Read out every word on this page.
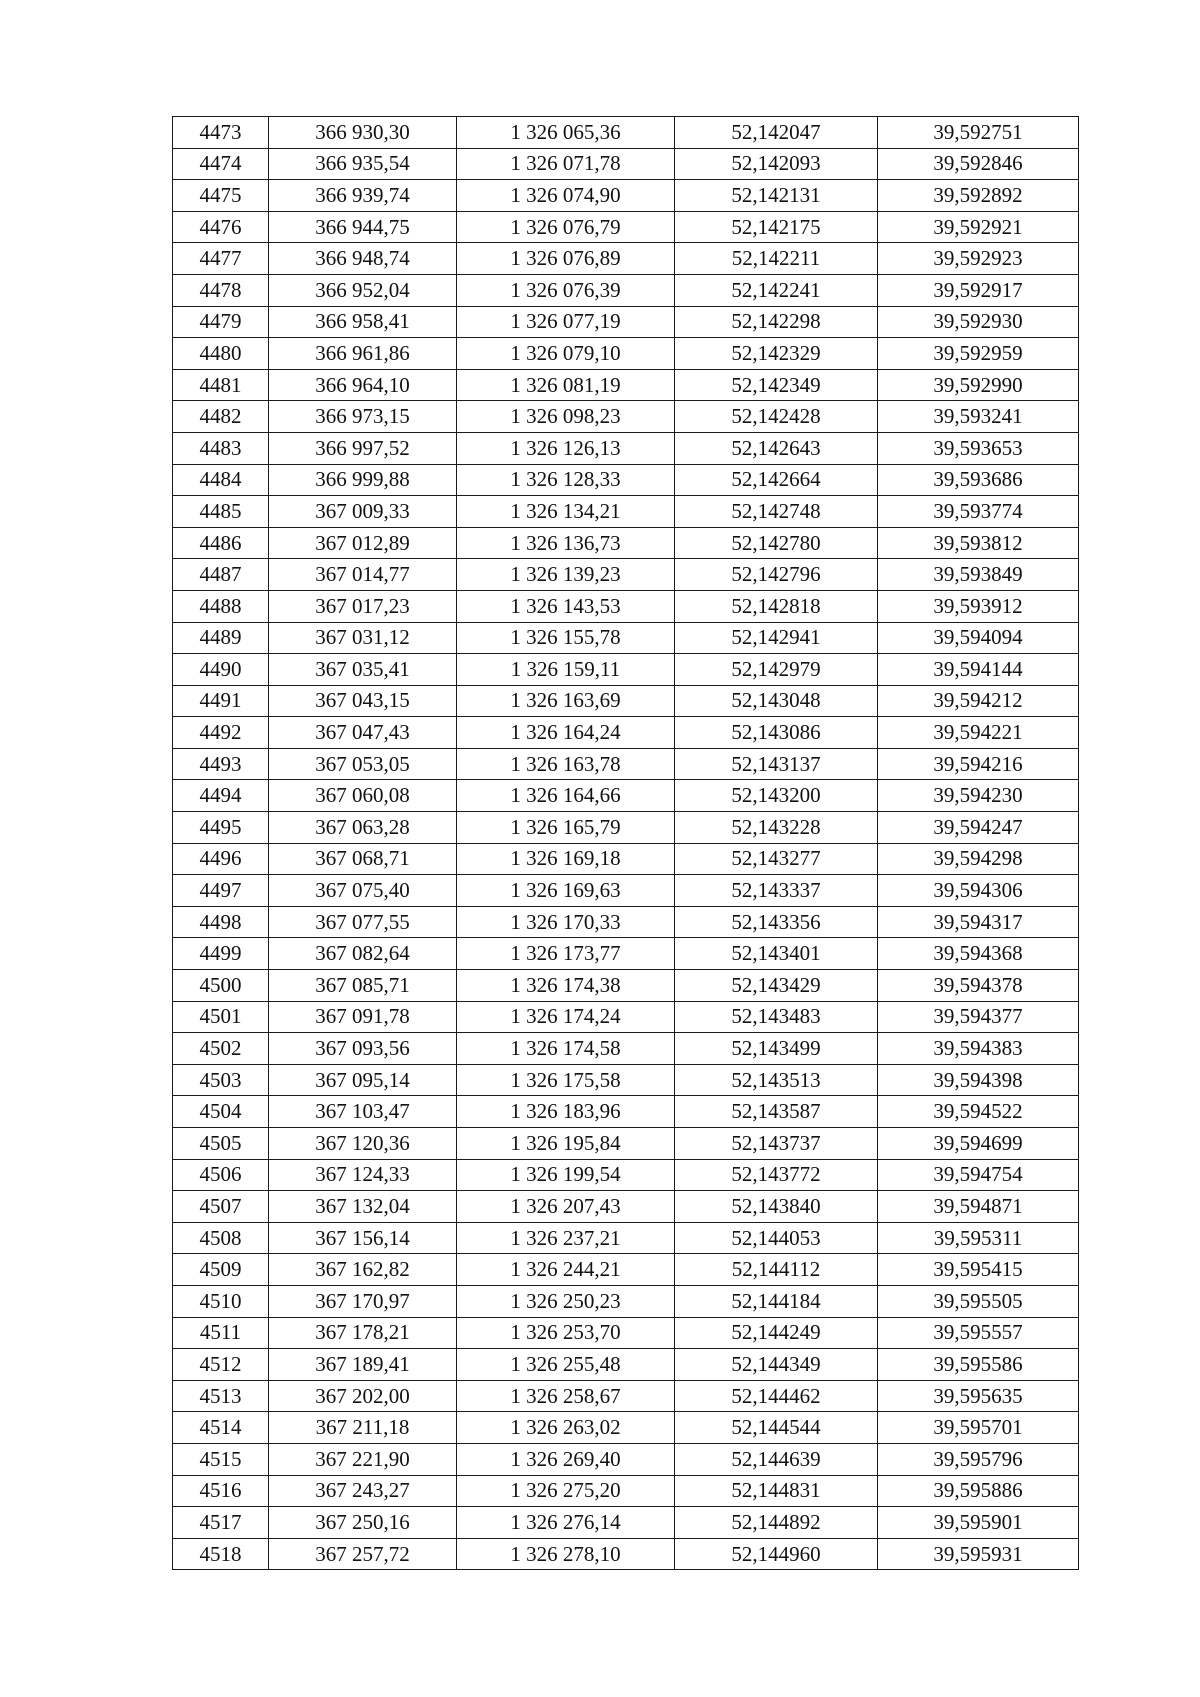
4473	366 930,30	1 326 065,36	52,142047	39,592751
4474	366 935,54	1 326 071,78	52,142093	39,592846
4475	366 939,74	1 326 074,90	52,142131	39,592892
4476	366 944,75	1 326 076,79	52,142175	39,592921
4477	366 948,74	1 326 076,89	52,142211	39,592923
4478	366 952,04	1 326 076,39	52,142241	39,592917
4479	366 958,41	1 326 077,19	52,142298	39,592930
4480	366 961,86	1 326 079,10	52,142329	39,592959
4481	366 964,10	1 326 081,19	52,142349	39,592990
4482	366 973,15	1 326 098,23	52,142428	39,593241
4483	366 997,52	1 326 126,13	52,142643	39,593653
4484	366 999,88	1 326 128,33	52,142664	39,593686
4485	367 009,33	1 326 134,21	52,142748	39,593774
4486	367 012,89	1 326 136,73	52,142780	39,593812
4487	367 014,77	1 326 139,23	52,142796	39,593849
4488	367 017,23	1 326 143,53	52,142818	39,593912
4489	367 031,12	1 326 155,78	52,142941	39,594094
4490	367 035,41	1 326 159,11	52,142979	39,594144
4491	367 043,15	1 326 163,69	52,143048	39,594212
4492	367 047,43	1 326 164,24	52,143086	39,594221
4493	367 053,05	1 326 163,78	52,143137	39,594216
4494	367 060,08	1 326 164,66	52,143200	39,594230
4495	367 063,28	1 326 165,79	52,143228	39,594247
4496	367 068,71	1 326 169,18	52,143277	39,594298
4497	367 075,40	1 326 169,63	52,143337	39,594306
4498	367 077,55	1 326 170,33	52,143356	39,594317
4499	367 082,64	1 326 173,77	52,143401	39,594368
4500	367 085,71	1 326 174,38	52,143429	39,594378
4501	367 091,78	1 326 174,24	52,143483	39,594377
4502	367 093,56	1 326 174,58	52,143499	39,594383
4503	367 095,14	1 326 175,58	52,143513	39,594398
4504	367 103,47	1 326 183,96	52,143587	39,594522
4505	367 120,36	1 326 195,84	52,143737	39,594699
4506	367 124,33	1 326 199,54	52,143772	39,594754
4507	367 132,04	1 326 207,43	52,143840	39,594871
4508	367 156,14	1 326 237,21	52,144053	39,595311
4509	367 162,82	1 326 244,21	52,144112	39,595415
4510	367 170,97	1 326 250,23	52,144184	39,595505
4511	367 178,21	1 326 253,70	52,144249	39,595557
4512	367 189,41	1 326 255,48	52,144349	39,595586
4513	367 202,00	1 326 258,67	52,144462	39,595635
4514	367 211,18	1 326 263,02	52,144544	39,595701
4515	367 221,90	1 326 269,40	52,144639	39,595796
4516	367 243,27	1 326 275,20	52,144831	39,595886
4517	367 250,16	1 326 276,14	52,144892	39,595901
4518	367 257,72	1 326 278,10	52,144960	39,595931
